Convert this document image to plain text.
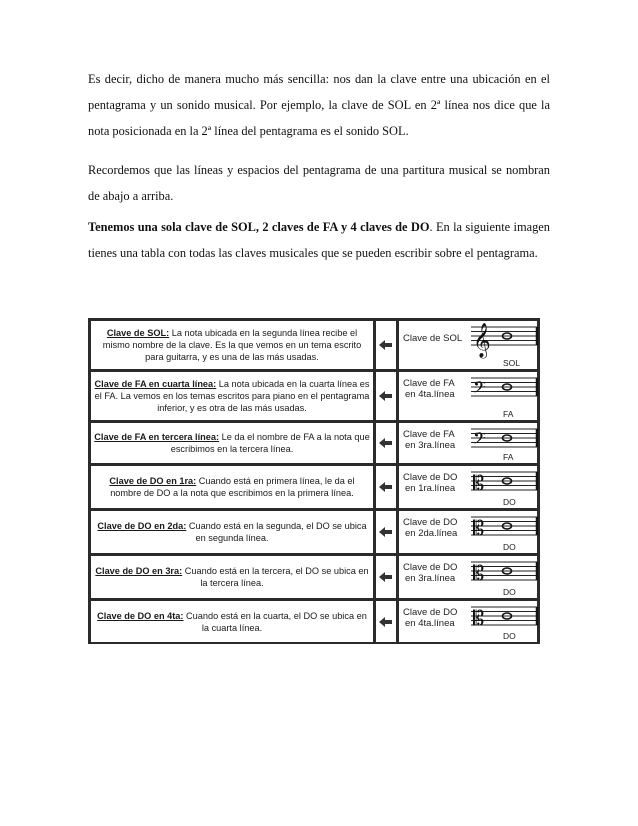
Es decir, dicho de manera mucho más sencilla: nos dan la clave entre una ubicación en el pentagrama y un sonido musical. Por ejemplo, la clave de SOL en 2ª línea nos dice que la nota posicionada en la 2ª línea del pentagrama es el sonido SOL.

Recordemos que las líneas y espacios del pentagrama de una partitura musical se nombran de abajo a arriba.

Tenemos una sola clave de SOL, 2 claves de FA y 4 claves de DO. En la siguiente imagen tienes una tabla con todas las claves musicales que se pueden escribir sobre el pentagrama.

Clave de SOL: La nota ubicada en la segunda línea recibe el mismo nombre de la clave. Es la que vemos en un tema escrito para guitarra, y es una de las más usadas.
Clave de SOL 𝄞
SOL
Clave de FA en cuarta línea: La nota ubicada en la cuarta línea es el FA. La vemos en los temas escritos para piano en el pentagrama inferior, y es otra de las más usadas.
Clave de FA
en 4ta.línea 𝄢
FA
Clave de FA en tercera línea: Le da el nombre de FA a la nota que escribimos en la tercera línea.
Clave de FA
en 3ra.línea 𝄢
FA
Clave de DO en 1ra: Cuando está en primera línea, le da el nombre de DO a la nota que escribimos en la primera línea.
Clave de DO
en 1ra.línea 𝄡
DO
Clave de DO en 2da: Cuando está en la segunda, el DO se ubica en segunda línea.
Clave de DO
en 2da.línea 𝄡
DO
Clave de DO en 3ra: Cuando está en la tercera, el DO se ubica en la tercera línea.
Clave de DO
en 3ra.línea 𝄡
DO
Clave de DO en 4ta: Cuando está en la cuarta, el DO se ubica en la cuarta línea.
Clave de DO
en 4ta.línea 𝄡
DO
